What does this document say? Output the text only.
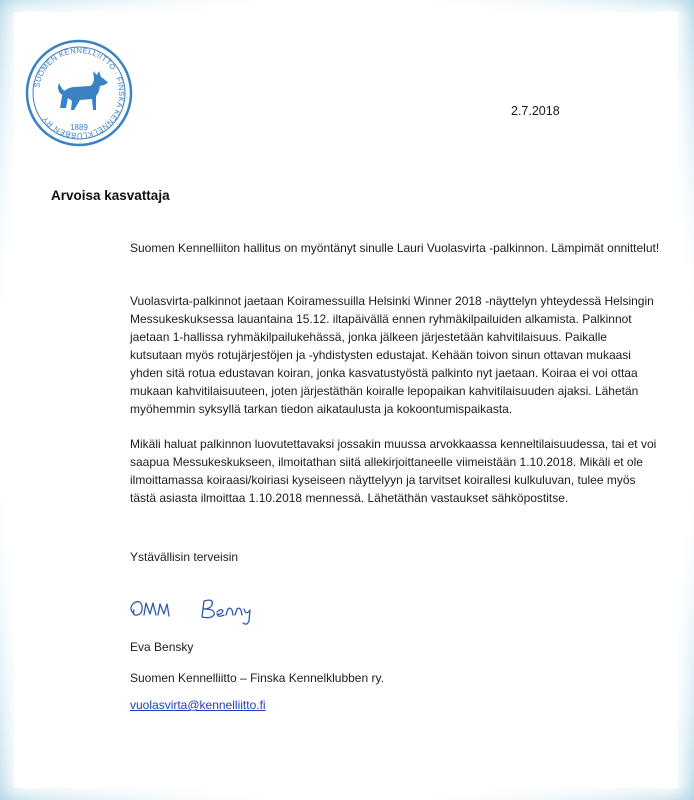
SUOMEN KENNELLIITTO · FINSKA KENNELKLUBBEN RY
1889
2.7.2018
Arvoisa kasvattaja
Suomen Kennelliiton hallitus on myöntänyt sinulle Lauri Vuolasvirta -palkinnon. Lämpimät onnittelut!
Vuolasvirta-palkinnot jaetaan Koiramessuilla Helsinki Winner 2018 -näyttelyn yhteydessä Helsingin Messukeskuksessa lauantaina 15.12. iltapäivällä ennen ryhmäkilpailuiden alkamista. Palkinnot jaetaan 1-hallissa ryhmäkilpailukehässä, jonka jälkeen järjestetään kahvitilaisuus. Paikalle kutsutaan myös rotujärjestöjen ja -yhdistysten edustajat. Kehään toivon sinun ottavan mukaasi yhden sitä rotua edustavan koiran, jonka kasvatustyöstä palkinto nyt jaetaan. Koiraa ei voi ottaa mukaan kahvitilaisuuteen, joten järjestäthän koiralle lepopaikan kahvitilaisuuden ajaksi. Lähetän myöhemmin syksyllä tarkan tiedon aikataulusta ja kokoontumispaikasta.
Mikäli haluat palkinnon luovutettavaksi jossakin muussa arvokkaassa kenneltilaisuudessa, tai et voi saapua Messukeskukseen, ilmoitathan siitä allekirjoittaneelle viimeistään 1.10.2018. Mikäli et ole ilmoittamassa koiraasi/koiriasi kyseiseen näyttelyyn ja tarvitset koirallesi kulkuluvan, tulee myös tästä asiasta ilmoittaa 1.10.2018 mennessä. Lähetäthän vastaukset sähköpostitse.
Ystävällisin terveisin
Eva Bensky
Suomen Kennelliitto – Finska Kennelklubben ry.
vuolasvirta@kennelliitto.fi
